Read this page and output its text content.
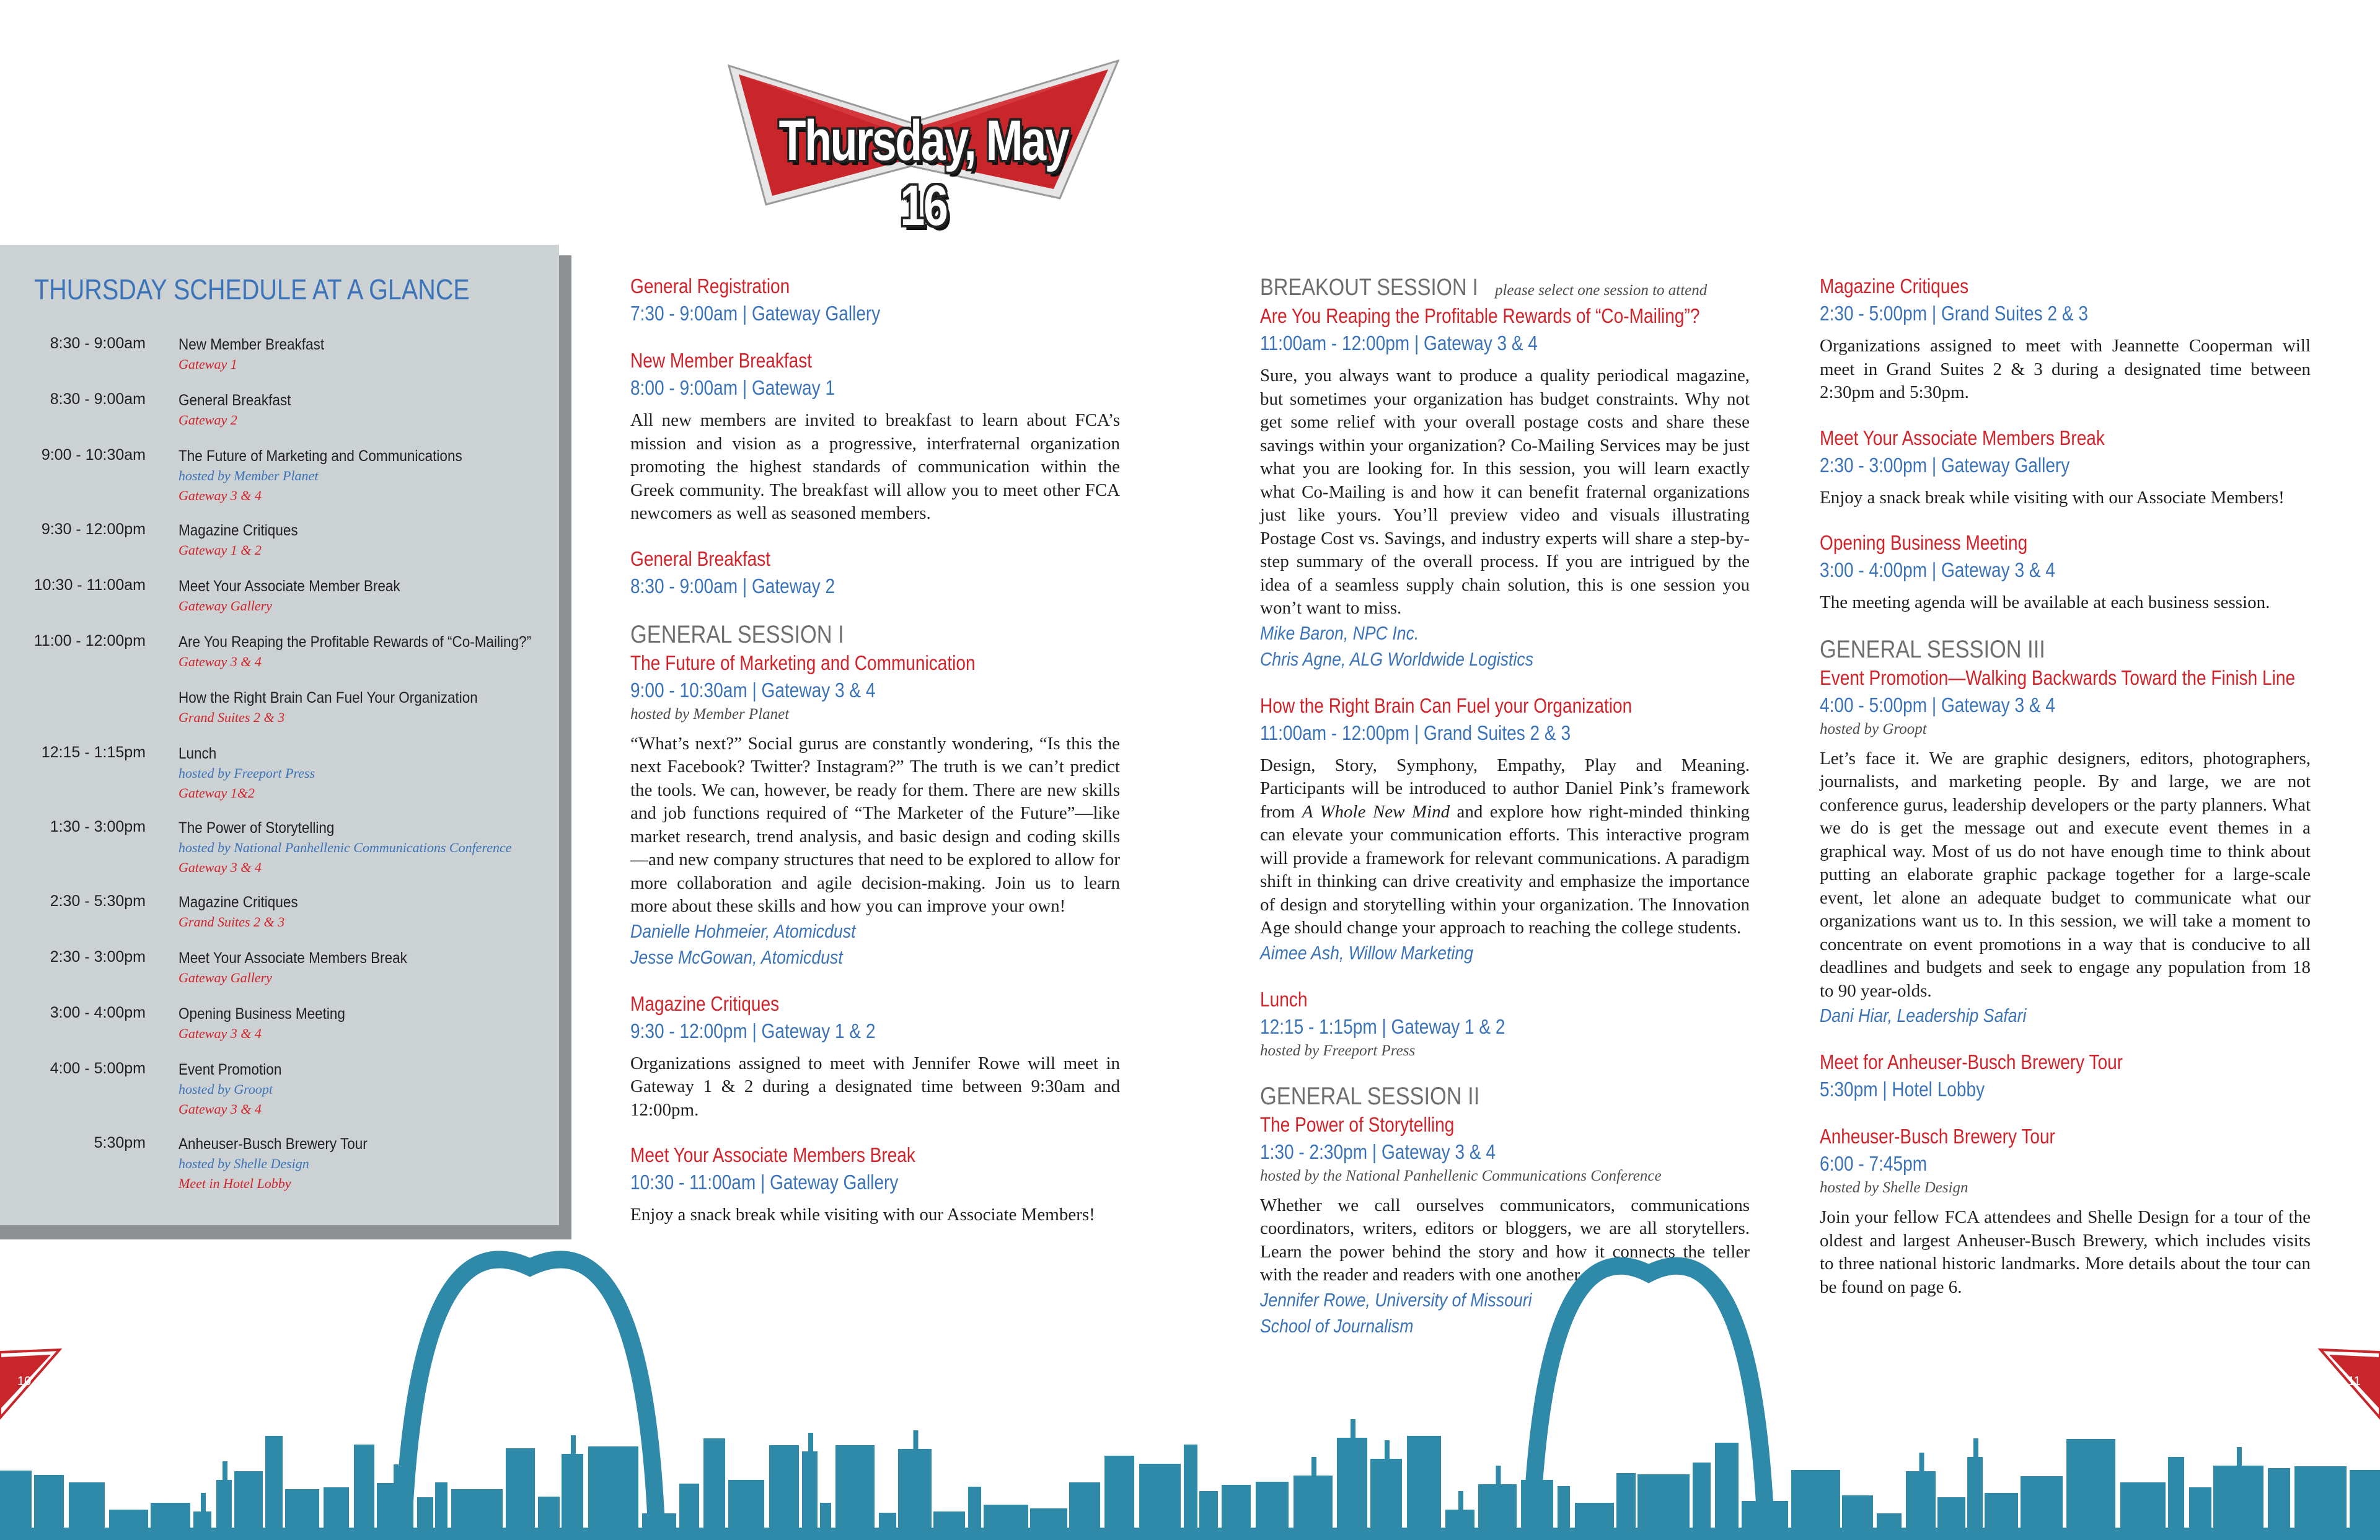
Thursday, May 16
THURSDAY SCHEDULE AT A GLANCE
8:30 - 9:00am New Member Breakfast
Gateway 1
8:30 - 9:00am General Breakfast
Gateway 2
9:00 - 10:30am The Future of Marketing and Communications
hosted by Member Planet
Gateway 3 & 4
9:30 - 12:00pm Magazine Critiques
Gateway 1 & 2
10:30 - 11:00am Meet Your Associate Member Break
Gateway Gallery
11:00 - 12:00pm Are You Reaping the Profitable Rewards of “Co-Mailing?”
Gateway 3 & 4
How the Right Brain Can Fuel Your Organization
Grand Suites 2 & 3
12:15 - 1:15pm Lunch
hosted by Freeport Press
Gateway 1&2
1:30 - 3:00pm The Power of Storytelling
hosted by National Panhellenic Communications Conference
Gateway 3 & 4
2:30 - 5:30pm Magazine Critiques
Grand Suites 2 & 3
2:30 - 3:00pm Meet Your Associate Members Break
Gateway Gallery
3:00 - 4:00pm Opening Business Meeting
Gateway 3 & 4
4:00 - 5:00pm Event Promotion
hosted by Groopt
Gateway 3 & 4
5:30pm Anheuser-Busch Brewery Tour
hosted by Shelle Design
Meet in Hotel Lobby
General Registration
7:30 - 9:00am | Gateway Gallery
New Member Breakfast
8:00 - 9:00am | Gateway 1

All new members are invited to breakfast to learn about FCA’s mission and vision as a progressive, interfraternal organization promoting the highest standards of communication within the Greek community. The breakfast will allow you to meet other FCA newcomers as well as seasoned members.

General Breakfast
8:30 - 9:00am | Gateway 2
GENERAL SESSION I
The Future of Marketing and Communication
9:00 - 10:30am | Gateway 3 & 4
hosted by Member Planet

“What’s next?” Social gurus are constantly wondering, “Is this the next Facebook? Twitter? Instagram?” The truth is we can’t predict the tools. We can, however, be ready for them. There are new skills and job functions required of “The Marketer of the Future”—like market research, trend analysis, and basic design and coding skills—and new company structures that need to be explored to allow for more collaboration and agile decision-making. Join us to learn more about these skills and how you can improve your own!

Danielle Hohmeier, Atomicdust
Jesse McGowan, Atomicdust
Magazine Critiques
9:30 - 12:00pm | Gateway 1 & 2

Organizations assigned to meet with Jennifer Rowe will meet in Gateway 1 & 2 during a designated time between 9:30am and 12:00pm.

Meet Your Associate Members Break
10:30 - 11:00am | Gateway Gallery

Enjoy a snack break while visiting with our Associate Members!

BREAKOUT SESSION I please select one session to attend
Are You Reaping the Profitable Rewards of “Co-Mailing”?
11:00am - 12:00pm | Gateway 3 & 4

Sure, you always want to produce a quality periodical magazine, but sometimes your organization has budget constraints. Why not get some relief with your overall postage costs and share these savings within your organization? Co-Mailing Services may be just what you are looking for. In this session, you will learn exactly what Co-Mailing is and how it can benefit fraternal organizations just like yours. You’ll preview video and visuals illustrating Postage Cost vs. Savings, and industry experts will share a step-by-step summary of the overall process. If you are intrigued by the idea of a seamless supply chain solution, this is one session you won’t want to miss.

Mike Baron, NPC Inc.
Chris Agne, ALG Worldwide Logistics
How the Right Brain Can Fuel your Organization
11:00am - 12:00pm | Grand Suites 2 & 3

Design, Story, Symphony, Empathy, Play and Meaning. Participants will be introduced to author Daniel Pink’s framework from A Whole New Mind and explore how right-minded thinking can elevate your communication efforts. This interactive program will provide a framework for relevant communications. A paradigm shift in thinking can drive creativity and emphasize the importance of design and storytelling within your organization. The Innovation Age should change your approach to reaching the college students.

Aimee Ash, Willow Marketing
Lunch
12:15 - 1:15pm | Gateway 1 & 2
hosted by Freeport Press
GENERAL SESSION II
The Power of Storytelling
1:30 - 2:30pm | Gateway 3 & 4
hosted by the National Panhellenic Communications Conference

Whether we call ourselves communicators, communications coordinators, writers, editors or bloggers, we are all storytellers. Learn the power behind the story and how it connects the teller with the reader and readers with one another.

Jennifer Rowe, University of Missouri
School of Journalism
Magazine Critiques
2:30 - 5:00pm | Grand Suites 2 & 3

Organizations assigned to meet with Jeannette Cooperman will meet in Grand Suites 2 & 3 during a designated time between 2:30pm and 5:30pm.

Meet Your Associate Members Break
2:30 - 3:00pm | Gateway Gallery

Enjoy a snack break while visiting with our Associate Members!

Opening Business Meeting
3:00 - 4:00pm | Gateway 3 & 4

The meeting agenda will be available at each business session.

GENERAL SESSION III
Event Promotion—Walking Backwards Toward the Finish Line
4:00 - 5:00pm | Gateway 3 & 4
hosted by Groopt

Let’s face it. We are graphic designers, editors, photographers, journalists, and marketing people. By and large, we are not conference gurus, leadership developers or the party planners. What we do is get the message out and execute event themes in a graphical way. Most of us do not have enough time to think about putting an elaborate graphic package together for a large-scale event, let alone an adequate budget to communicate what our organizations want us to. In this session, we will take a moment to concentrate on event promotions in a way that is conducive to all deadlines and budgets and seek to engage any population from 18 to 90 year-olds.

Dani Hiar, Leadership Safari
Meet for Anheuser-Busch Brewery Tour
5:30pm | Hotel Lobby
Anheuser-Busch Brewery Tour
6:00 - 7:45pm
hosted by Shelle Design

Join your fellow FCA attendees and Shelle Design for a tour of the oldest and largest Anheuser-Busch Brewery, which includes visits to three national historic landmarks. More details about the tour can be found on page 6.

10	11
